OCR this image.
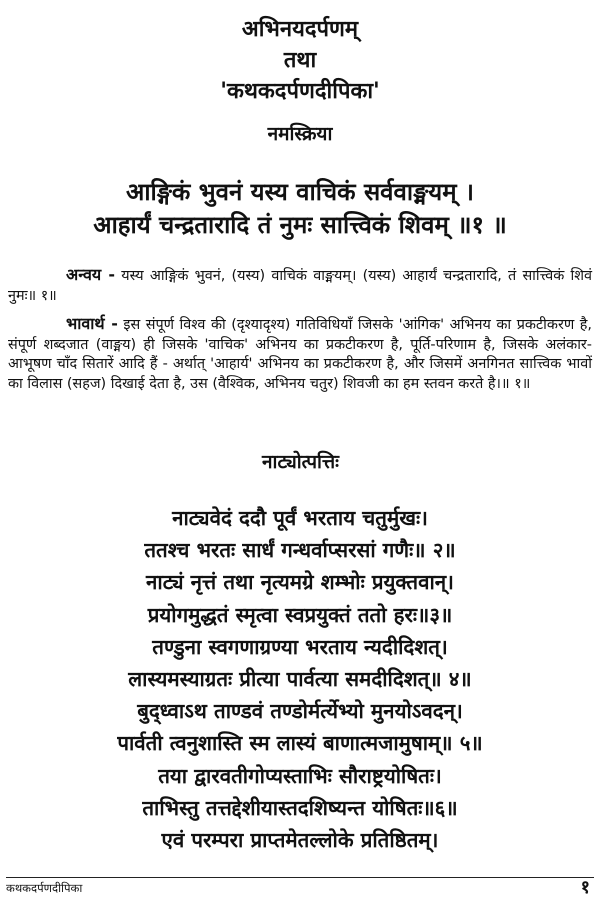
अभिनयदर्पणम्
तथा
'कथकदर्पणदीपिका'
नमस्क्रिया
आङ्गिकं भुवनं यस्य वाचिकं सर्ववाङ्मयम् ।
आहार्यं चन्द्रतारादि तं नुमः सात्त्विकं शिवम् ॥१ ॥
अन्वय - यस्य आङ्गिकं भुवनं, (यस्य) वाचिकं वाङ्मयम्। (यस्य) आहार्यं चन्द्रतारादि, तं सात्त्विकं शिवं नुमः॥ १॥
भावार्थ - इस संपूर्ण विश्व की (दृश्यादृश्य) गतिविधियाँ जिसके 'आंगिक' अभिनय का प्रकटीकरण है, संपूर्ण शब्दजात (वाङ्मय) ही जिसके 'वाचिक' अभिनय का प्रकटीकरण है, पूर्ति-परिणाम है, जिसके अलंकार-आभूषण चाँद सितारें आदि हैं - अर्थात् 'आहार्य' अभिनय का प्रकटीकरण है, और जिसमें अनगिनत सात्त्विक भावों का विलास (सहज) दिखाई देता है, उस (वैश्विक, अभिनय चतुर) शिवजी का हम स्तवन करते है।॥ १॥
नाट्योत्पत्तिः
नाट्यवेदं ददौ पूर्वं भरताय चतुर्मुखः।
ततश्च भरतः सार्धं गन्धर्वाप्सरसां गणैः॥ २॥
नाट्यं नृत्तं तथा नृत्यमग्रे शम्भोः प्रयुक्तवान्।
प्रयोगमुद्धतं स्मृत्वा स्वप्रयुक्तं ततो हरः॥३॥
तण्डुना स्वगणाग्रण्या भरताय न्यदीदिशत्।
लास्यमस्याग्रतः प्रीत्या पार्वत्या समदीदिशत्॥ ४॥
बुद्ध्वाऽथ ताण्डवं तण्डोर्मर्त्येभ्यो मुनयोऽवदन्।
पार्वती त्वनुशास्ति स्म लास्यं बाणात्मजामुषाम्॥ ५॥
तया द्वारवतीगोप्यस्ताभिः सौराष्ट्रयोषितः।
ताभिस्तु तत्तद्देशीयास्तदशिष्यन्त योषितः॥६॥
एवं परम्परा प्राप्तमेतल्लोके प्रतिष्ठितम्।
कथकदर्पणदीपिका	१
